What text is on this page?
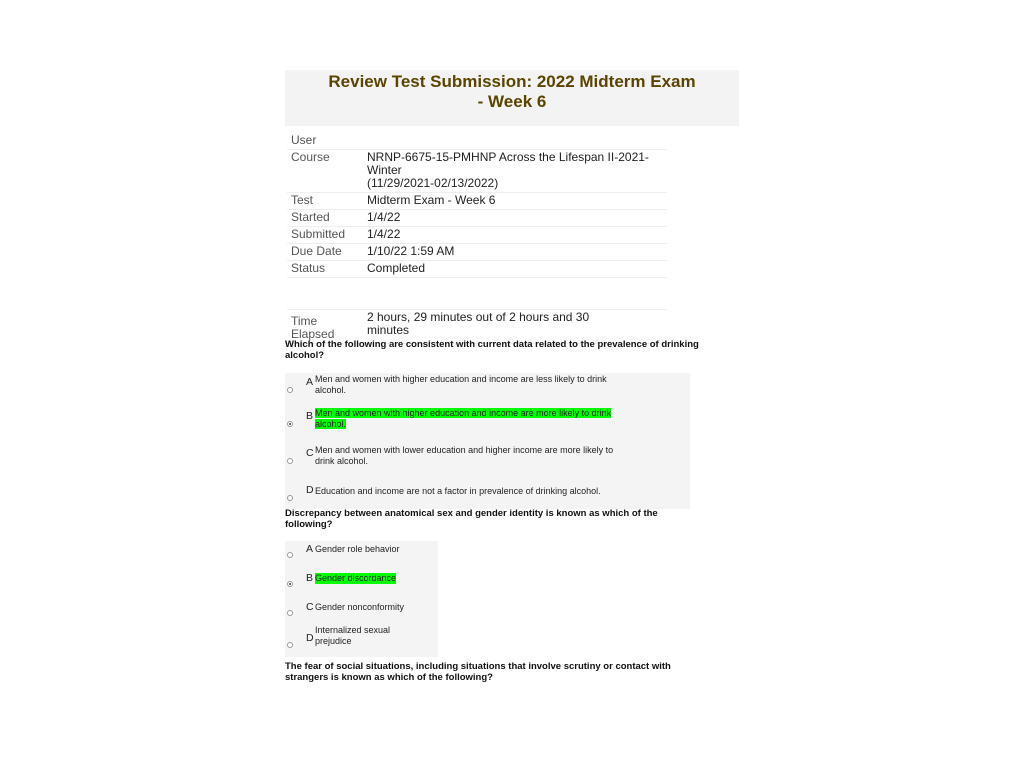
Review Test Submission: 2022 Midterm Exam
- Week 6
User	
Course	NRNP-6675-15-PMHNP Across the Lifespan II-2021-
Winter
(11/29/2021-02/13/2022)
Test	Midterm Exam - Week 6
Started	1/4/22
Submitted	1/4/22
Due Date	1/10/22 1:59 AM
Status	Completed

Time
Elapsed	2 hours, 29 minutes out of 2 hours and 30
minutes
Which of the following are consistent with current data related to the prevalence of drinking
alcohol?
A Men and women with higher education and income are less likely to drink
alcohol.
B Men and women with higher education and income are more likely to drink
alcohol.
C Men and women with lower education and higher income are more likely to
drink alcohol.
D Education and income are not a factor in prevalence of drinking alcohol.
Discrepancy between anatomical sex and gender identity is known as which of the
following?
A Gender role behavior
B Gender discordance
C Gender nonconformity
D
Internalized sexual
prejudice
The fear of social situations, including situations that involve scrutiny or contact with
strangers is known as which of the following?
